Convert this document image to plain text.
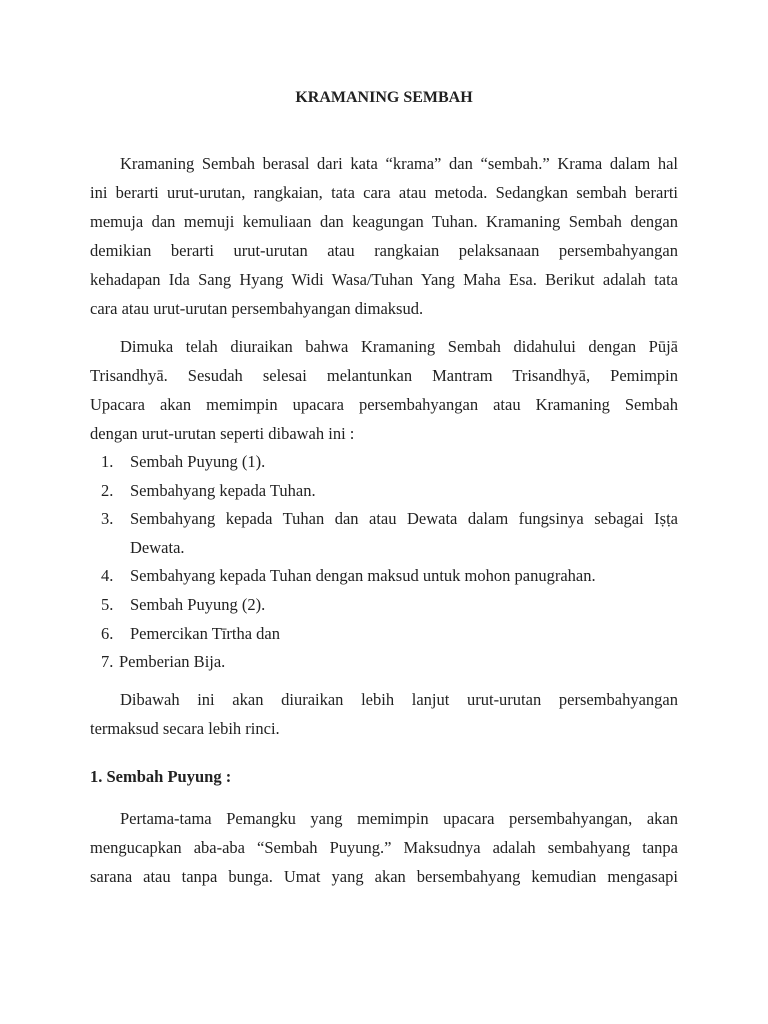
KRAMANING SEMBAH
Kramaning Sembah berasal dari kata “krama” dan “sembah.” Krama dalam hal
ini berarti urut-urutan, rangkaian, tata cara atau metoda. Sedangkan sembah berarti
memuja dan memuji kemuliaan dan keagungan Tuhan. Kramaning Sembah dengan
demikian berarti urut-urutan atau rangkaian pelaksanaan persembahyangan
kehadapan Ida Sang Hyang Widi Wasa/Tuhan Yang Maha Esa. Berikut adalah tata
cara atau urut-urutan persembahyangan dimaksud.
Dimuka telah diuraikan bahwa Kramaning Sembah didahului dengan Pūjā
Trisandhyā. Sesudah selesai melantunkan Mantram Trisandhyā, Pemimpin
Upacara akan memimpin upacara persembahyangan atau Kramaning Sembah
dengan urut-urutan seperti dibawah ini :
1.	Sembah Puyung (1).
2.	Sembahyang kepada Tuhan.
3.	Sembahyang kepada Tuhan dan atau Dewata dalam fungsinya sebagai Iṣṭa
Dewata.
4.	Sembahyang kepada Tuhan dengan maksud untuk mohon panugrahan.
5.	Sembah Puyung (2).
6.	Pemercikan Tīrtha dan
7. Pemberian Bija.
Dibawah ini akan diuraikan lebih lanjut urut-urutan persembahyangan
termaksud secara lebih rinci.
1. Sembah Puyung :
Pertama-tama Pemangku yang memimpin upacara persembahyangan, akan
mengucapkan aba-aba “Sembah Puyung.” Maksudnya adalah sembahyang tanpa
sarana atau tanpa bunga. Umat yang akan bersembahyang kemudian mengasapi
